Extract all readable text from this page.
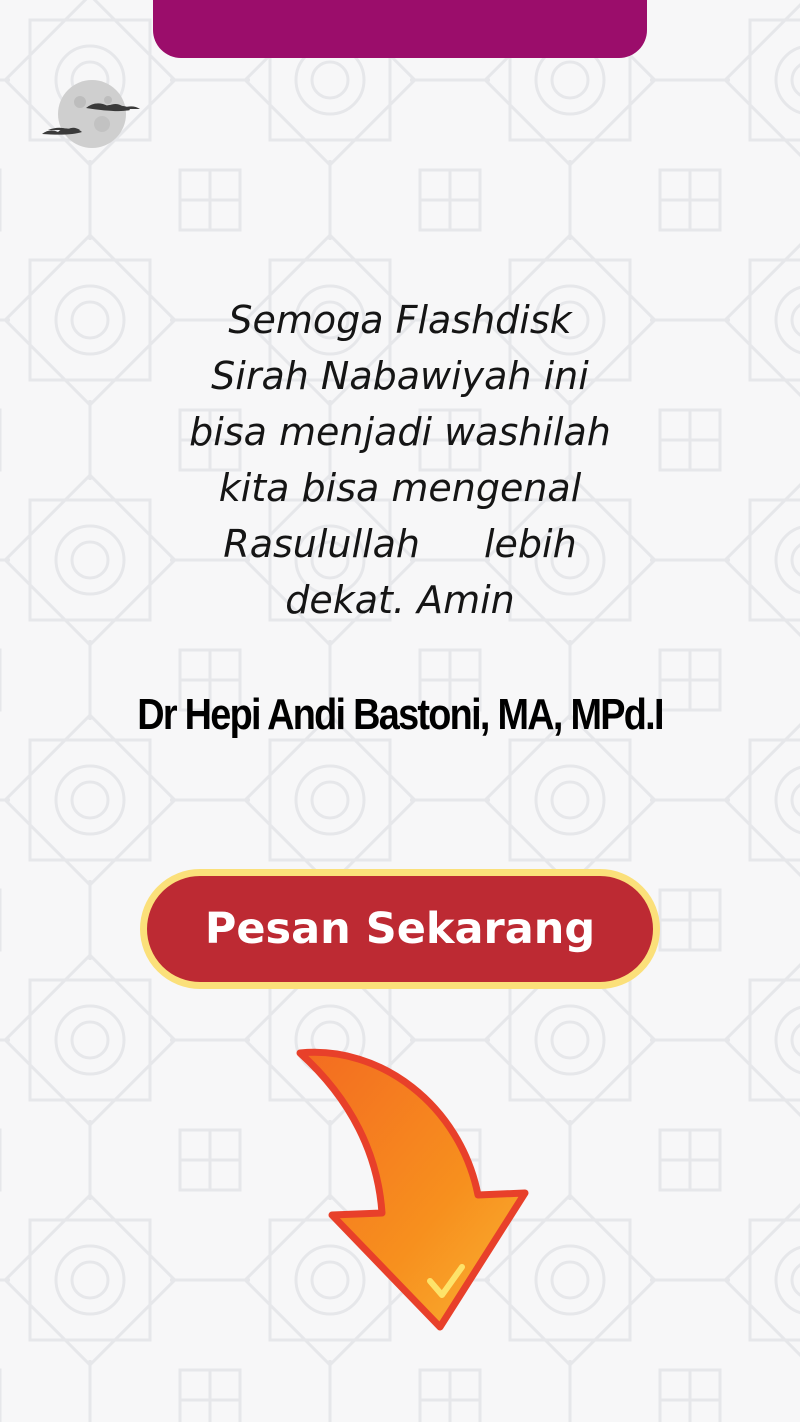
Semoga Flashdisk
Sirah Nabawiyah ini
bisa menjadi washilah
kita bisa mengenal
Rasulullah lebih
dekat. Amin
Dr Hepi Andi Bastoni, MA, MPd.I
Pesan Sekarang
